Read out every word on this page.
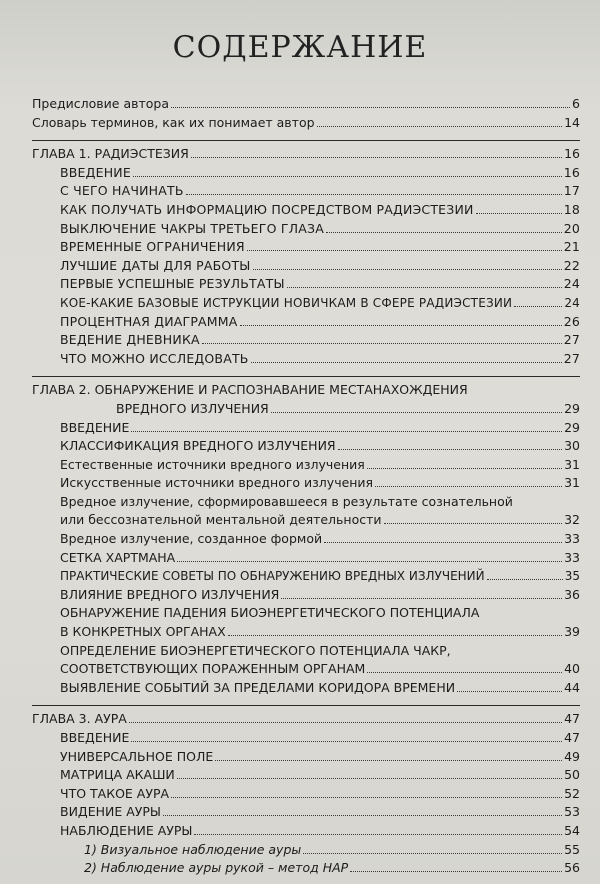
СОДЕРЖАНИЕ
Предисловие автора	6
Словарь терминов, как их понимает автор	14
ГЛАВА 1. РАДИЭСТЕЗИЯ	16
ВВЕДЕНИЕ	16
С ЧЕГО НАЧИНАТЬ	17
КАК ПОЛУЧАТЬ ИНФОРМАЦИЮ ПОСРЕДСТВОМ РАДИЭСТЕЗИИ	18
ВЫКЛЮЧЕНИЕ ЧАКРЫ ТРЕТЬЕГО ГЛАЗА	20
ВРЕМЕННЫЕ ОГРАНИЧЕНИЯ	21
ЛУЧШИЕ ДАТЫ ДЛЯ РАБОТЫ	22
ПЕРВЫЕ УСПЕШНЫЕ РЕЗУЛЬТАТЫ	24
КОЕ-КАКИЕ БАЗОВЫЕ ИСТРУКЦИИ НОВИЧКАМ В СФЕРЕ РАДИЭСТЕЗИИ	24
ПРОЦЕНТНАЯ ДИАГРАММА	26
ВЕДЕНИЕ ДНЕВНИКА	27
ЧТО МОЖНО ИССЛЕДОВАТЬ	27
ГЛАВА 2. ОБНАРУЖЕНИЕ И РАСПОЗНАВАНИЕ МЕСТАНАХОЖДЕНИЯ
ВРЕДНОГО ИЗЛУЧЕНИЯ	29
ВВЕДЕНИЕ	29
КЛАССИФИКАЦИЯ ВРЕДНОГО ИЗЛУЧЕНИЯ	30
Естественные источники вредного излучения	31
Искусственные источники вредного излучения	31
Вредное излучение, сформировавшееся в результате сознательной
или бессознательной ментальной деятельности	32
Вредное излучение, созданное формой	33
СЕТКА ХАРТМАНА	33
ПРАКТИЧЕСКИЕ СОВЕТЫ ПО ОБНАРУЖЕНИЮ ВРЕДНЫХ ИЗЛУЧЕНИЙ	35
ВЛИЯНИЕ ВРЕДНОГО ИЗЛУЧЕНИЯ	36
ОБНАРУЖЕНИЕ ПАДЕНИЯ БИОЭНЕРГЕТИЧЕСКОГО ПОТЕНЦИАЛА
В КОНКРЕТНЫХ ОРГАНАХ	39
ОПРЕДЕЛЕНИЕ БИОЭНЕРГЕТИЧЕСКОГО ПОТЕНЦИАЛА ЧАКР,
СООТВЕТСТВУЮЩИХ ПОРАЖЕННЫМ ОРГАНАМ	40
ВЫЯВЛЕНИЕ СОБЫТИЙ ЗА ПРЕДЕЛАМИ КОРИДОРА ВРЕМЕНИ	44
ГЛАВА 3. АУРА	47
ВВЕДЕНИЕ	47
УНИВЕРСАЛЬНОЕ ПОЛЕ	49
МАТРИЦА АКАШИ	50
ЧТО ТАКОЕ АУРА	52
ВИДЕНИЕ АУРЫ	53
НАБЛЮДЕНИЕ АУРЫ	54
1) Визуальное наблюдение ауры	55
2) Наблюдение ауры рукой – метод НАР	56
